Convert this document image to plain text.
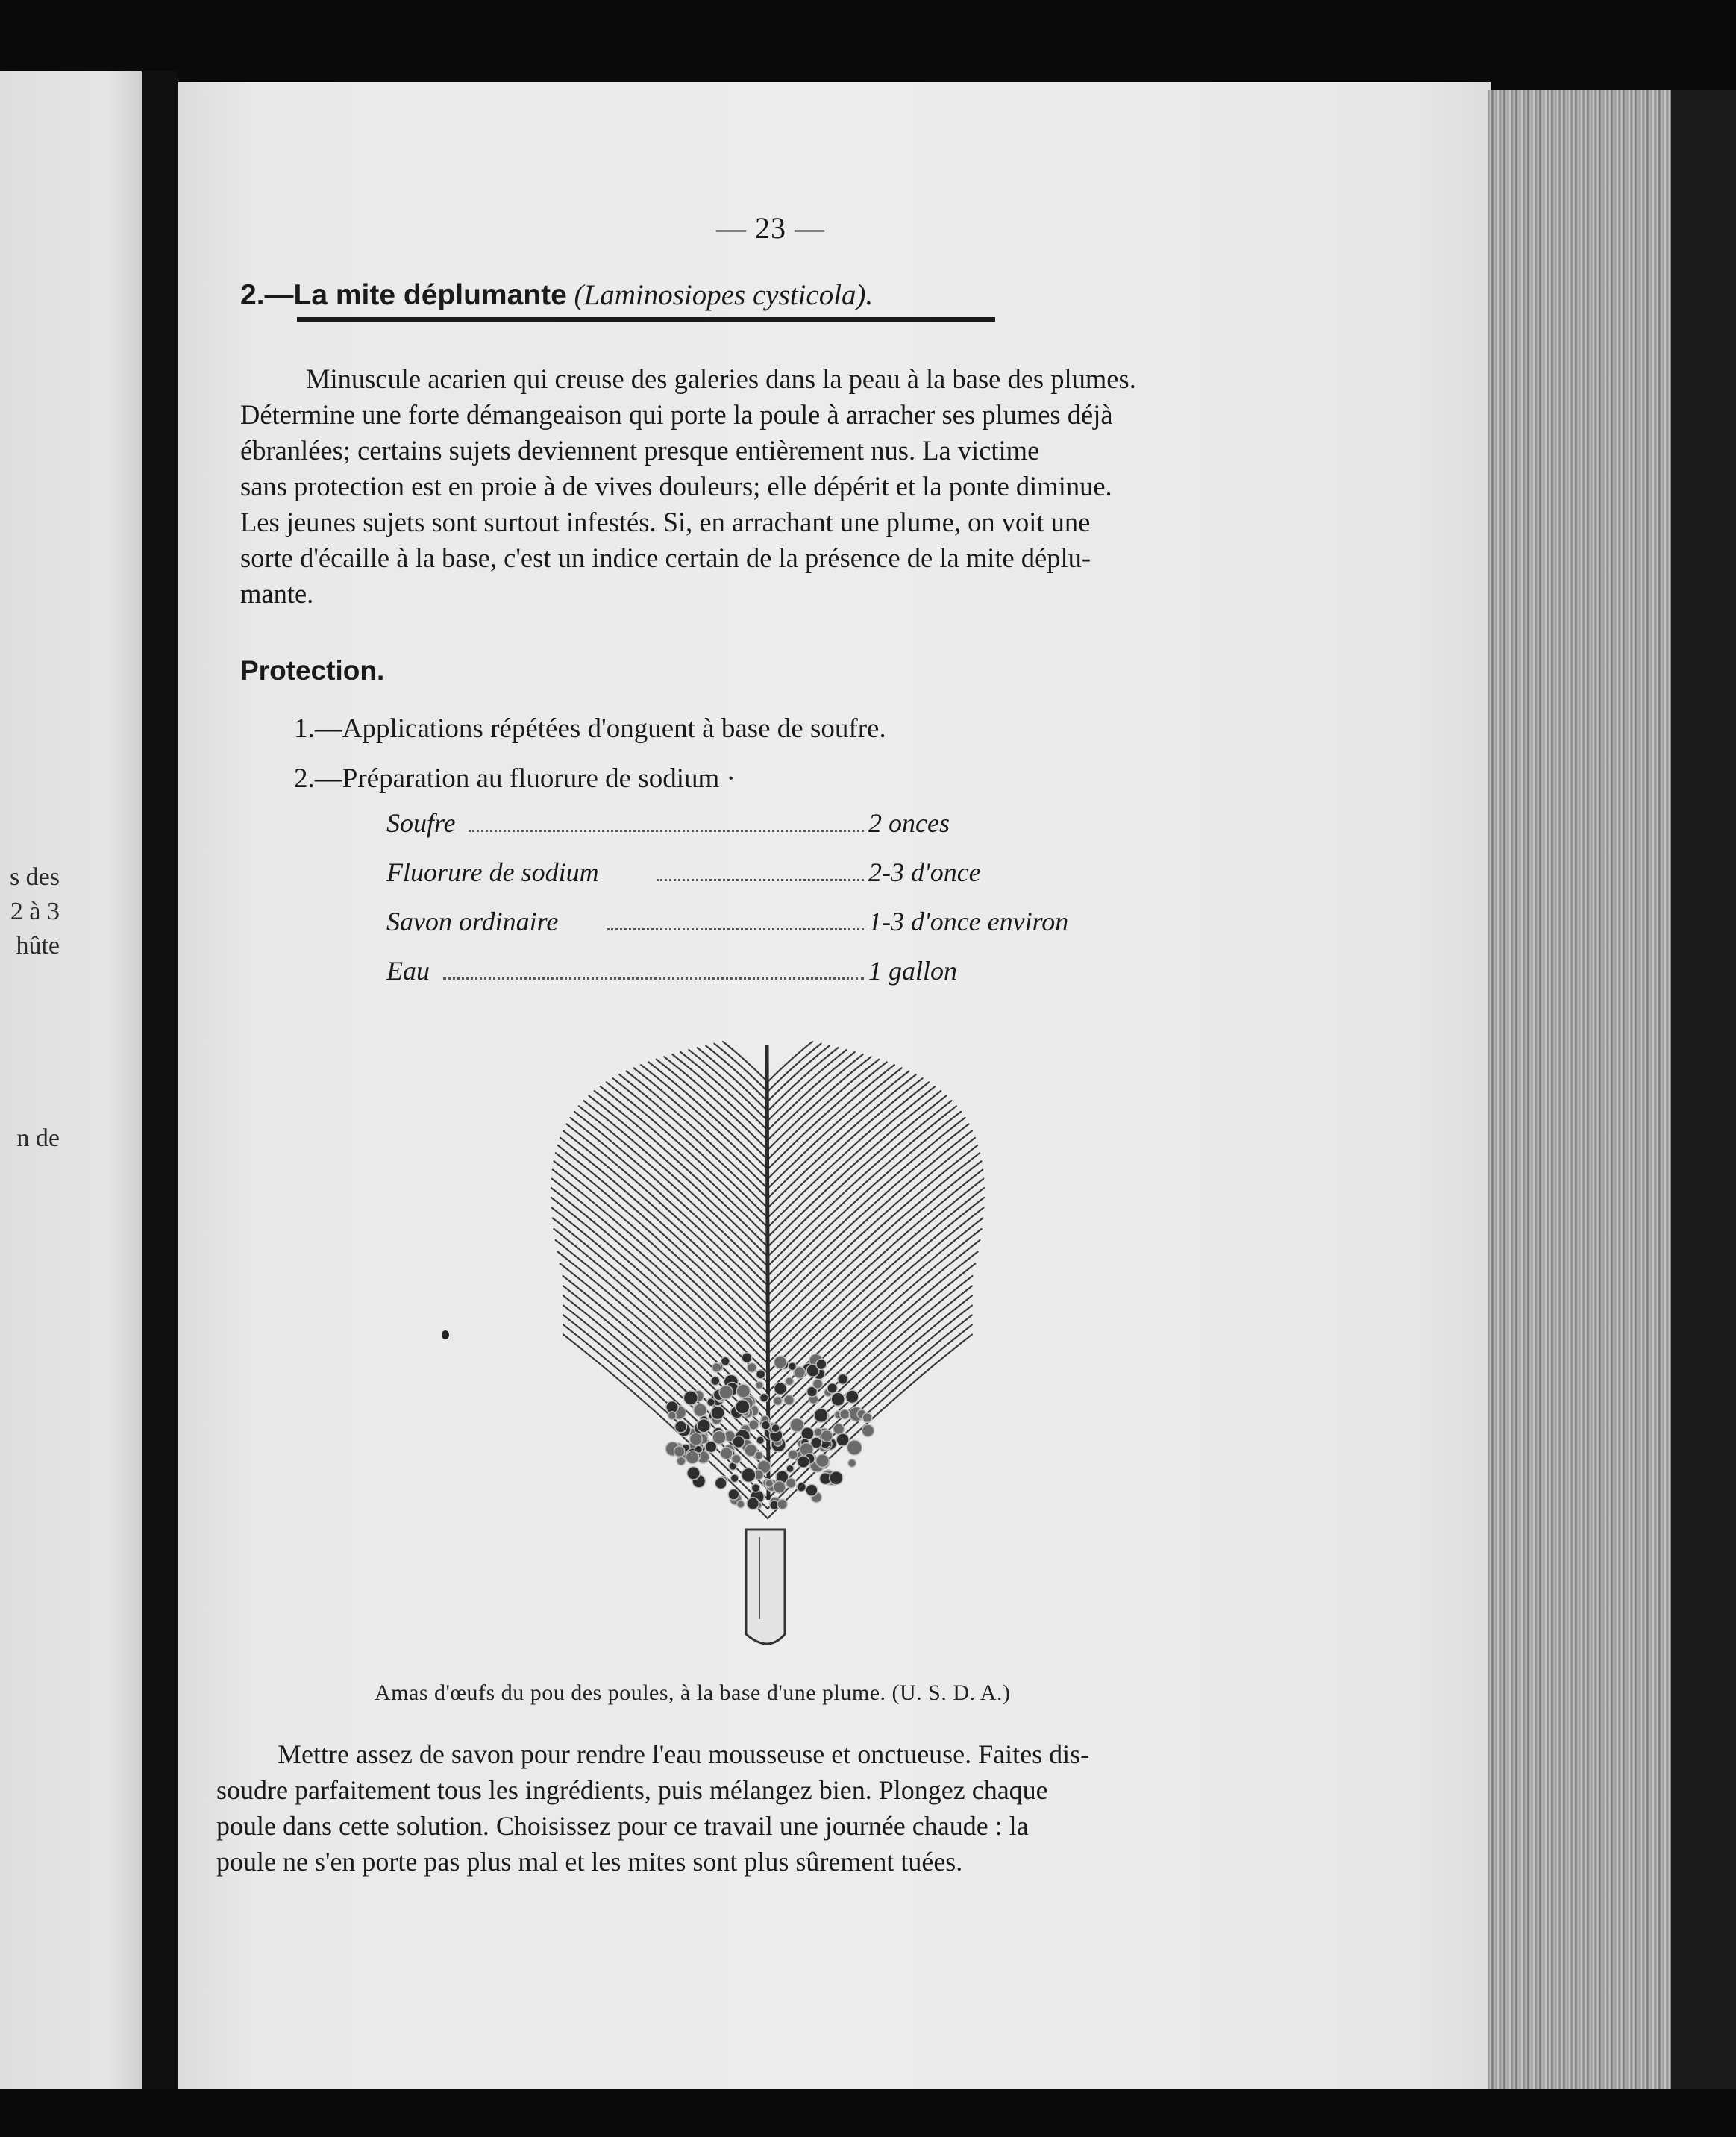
s des
2 à 3
hûte
n de
— 23 —
2.—La mite déplumante (Laminosiopes cysticola).
Minuscule acarien qui creuse des galeries dans la peau à la base des plumes.
Détermine une forte démangeaison qui porte la poule à arracher ses plumes déjà
ébranlées; certains sujets deviennent presque entièrement nus. La victime
sans protection est en proie à de vives douleurs; elle dépérit et la ponte diminue.
Les jeunes sujets sont surtout infestés. Si, en arrachant une plume, on voit une
sorte d'écaille à la base, c'est un indice certain de la présence de la mite déplu-
mante.
Protection.
1.—Applications répétées d'onguent à base de soufre.
2.—Préparation au fluorure de sodium ·
Soufre	2 onces
Fluorure de sodium	2-3 d'once
Savon ordinaire	1-3 d'once environ
Eau	1 gallon
Amas d'œufs du pou des poules, à la base d'une plume. (U. S. D. A.)
Mettre assez de savon pour rendre l'eau mousseuse et onctueuse. Faites dis-
soudre parfaitement tous les ingrédients, puis mélangez bien. Plongez chaque
poule dans cette solution. Choisissez pour ce travail une journée chaude : la
poule ne s'en porte pas plus mal et les mites sont plus sûrement tuées.
